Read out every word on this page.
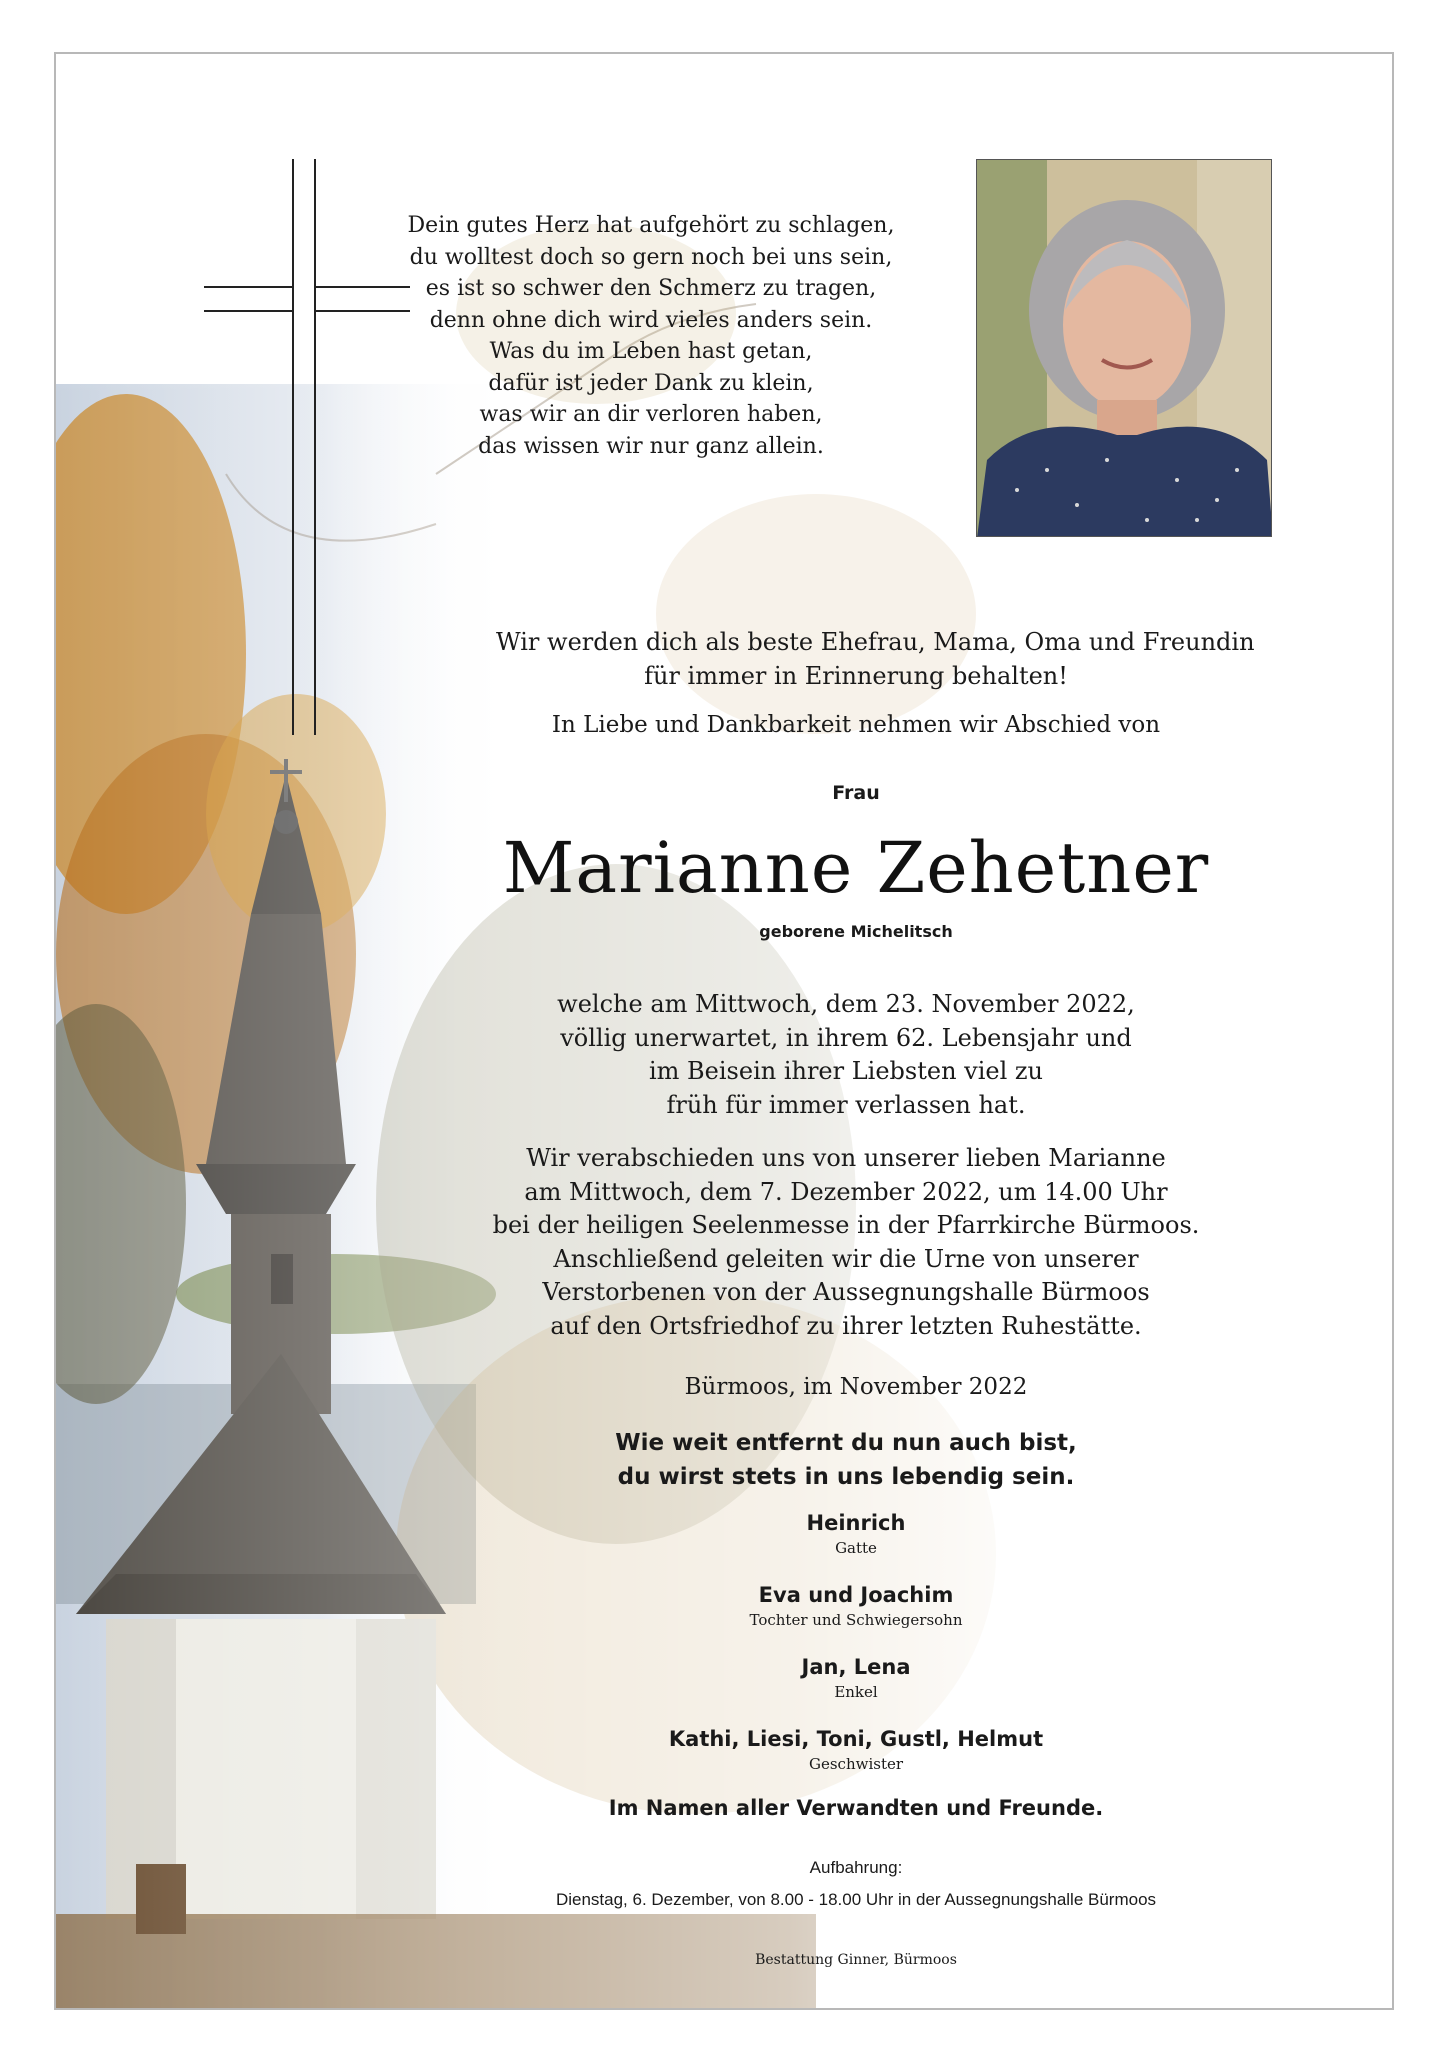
Dein gutes Herz hat aufgehört zu schlagen,
du wolltest doch so gern noch bei uns sein,
es ist so schwer den Schmerz zu tragen,
denn ohne dich wird vieles anders sein.
Was du im Leben hast getan,
dafür ist jeder Dank zu klein,
was wir an dir verloren haben,
das wissen wir nur ganz allein.
Wir werden dich als beste Ehefrau, Mama, Oma und Freundin
für immer in Erinnerung behalten!
In Liebe und Dankbarkeit nehmen wir Abschied von
Frau
Marianne Zehetner
geborene Michelitsch
welche am Mittwoch, dem 23. November 2022,
völlig unerwartet, in ihrem 62. Lebensjahr und
im Beisein ihrer Liebsten viel zu
früh für immer verlassen hat.
Wir verabschieden uns von unserer lieben Marianne
am Mittwoch, dem 7. Dezember 2022, um 14.00 Uhr
bei der heiligen Seelenmesse in der Pfarrkirche Bürmoos.
Anschließend geleiten wir die Urne von unserer
Verstorbenen von der Aussegnungshalle Bürmoos
auf den Ortsfriedhof zu ihrer letzten Ruhestätte.
Bürmoos, im November 2022
Wie weit entfernt du nun auch bist,
du wirst stets in uns lebendig sein.
Heinrich
Gatte
Eva und Joachim
Tochter und Schwiegersohn
Jan, Lena
Enkel
Kathi, Liesi, Toni, Gustl, Helmut
Geschwister
Im Namen aller Verwandten und Freunde.
Aufbahrung:
Dienstag, 6. Dezember, von 8.00 - 18.00 Uhr in der Aussegnungshalle Bürmoos
Bestattung Ginner, Bürmoos
